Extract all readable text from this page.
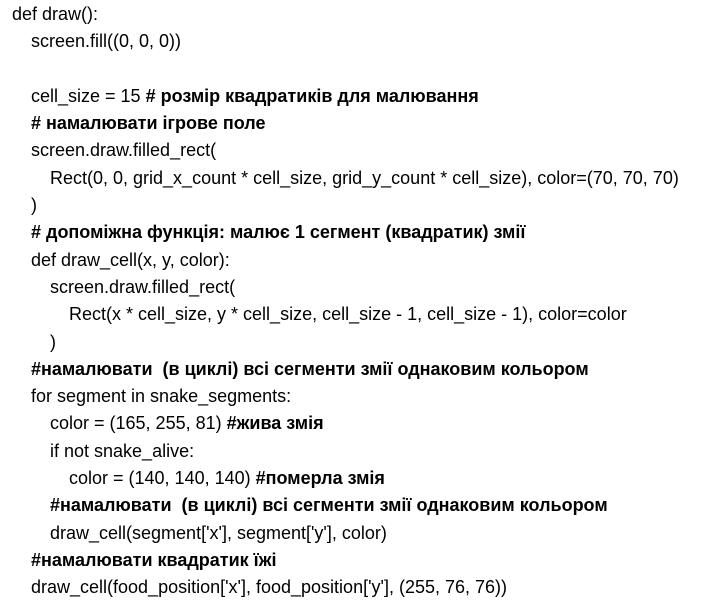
def draw():
screen.fill((0, 0, 0))
cell_size = 15 # розмір квадратиків для малювання
# намалювати ігрове поле
screen.draw.filled_rect(
Rect(0, 0, grid_x_count * cell_size, grid_y_count * cell_size), color=(70, 70, 70)
)
# допоміжна функція: малює 1 сегмент (квадратик) змії
def draw_cell(x, y, color):
screen.draw.filled_rect(
Rect(x * cell_size, y * cell_size, cell_size - 1, cell_size - 1), color=color
)
#намалювати  (в циклі) всі сегменти змії однаковим кольором
for segment in snake_segments:
color = (165, 255, 81) #жива змія
if not snake_alive:
color = (140, 140, 140) #померла змія
#намалювати  (в циклі) всі сегменти змії однаковим кольором
draw_cell(segment['x'], segment['y'], color)
#намалювати квадратик їжі
draw_cell(food_position['x'], food_position['y'], (255, 76, 76))
